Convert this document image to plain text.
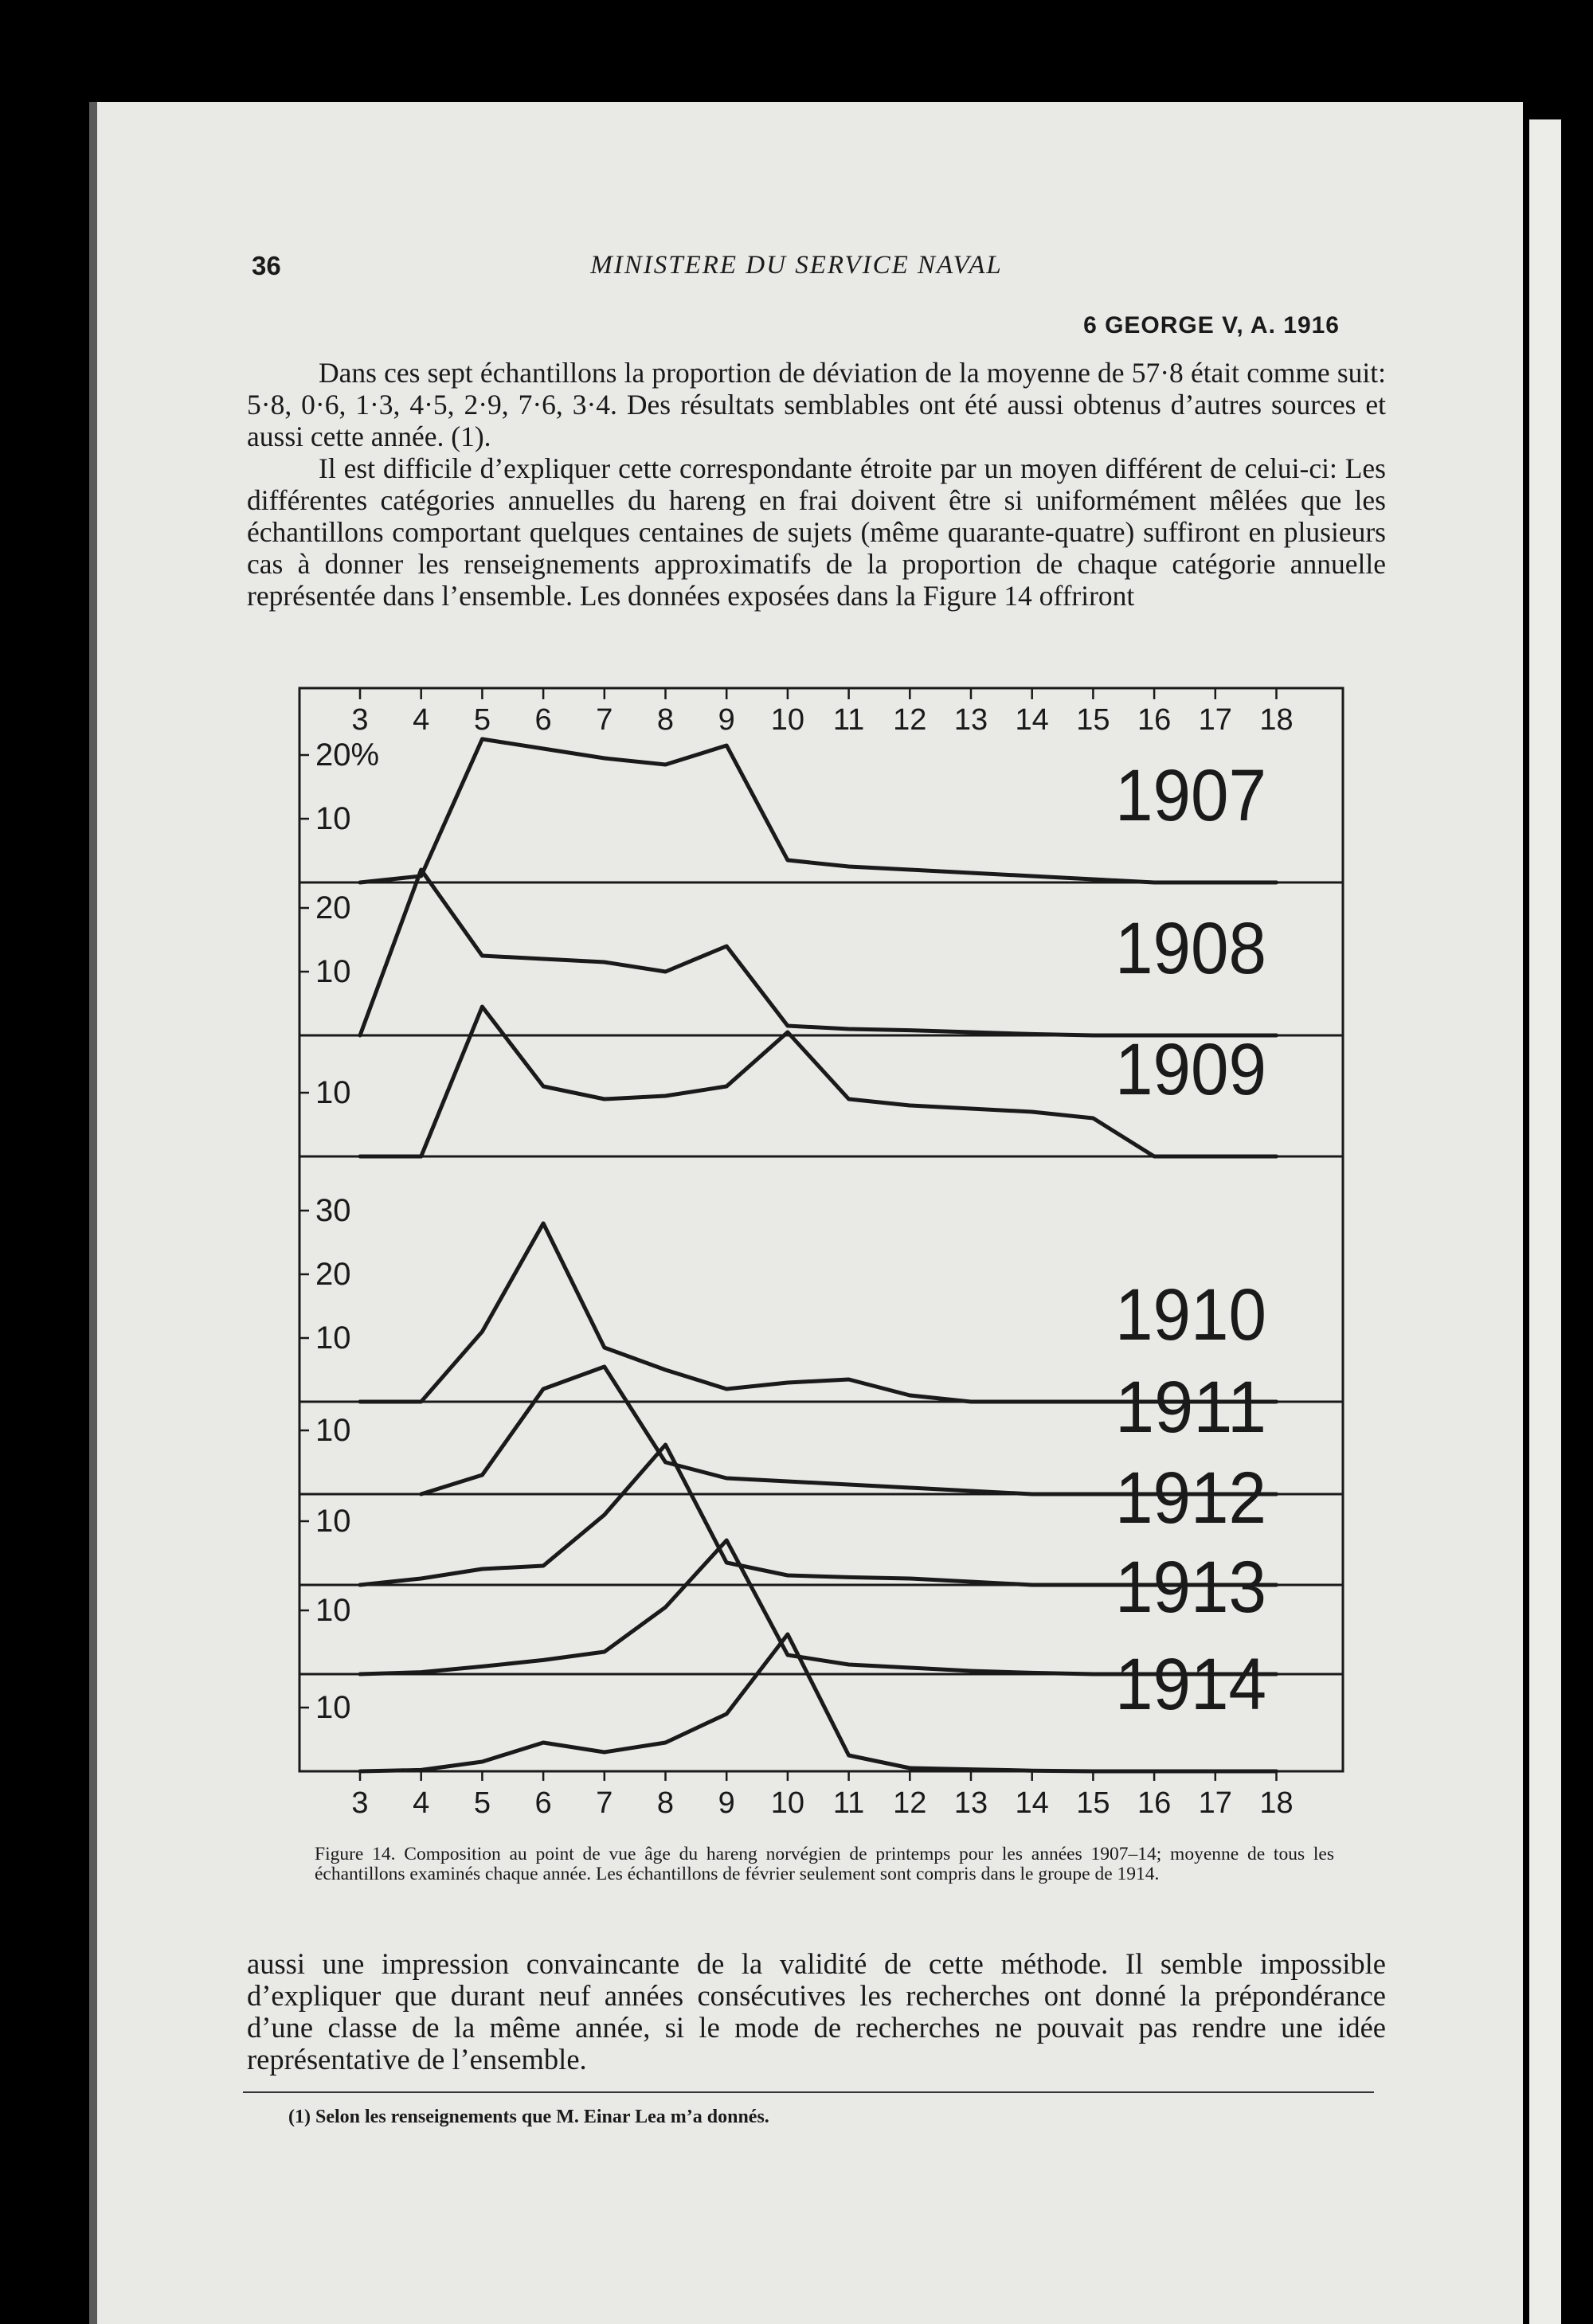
36	MINISTERE DU SERVICE NAVAL
6 GEORGE V, A. 1916

Dans ces sept échantillons la proportion de déviation de la moyenne de 57·8 était comme suit: 5·8, 0·6, 1·3, 4·5, 2·9, 7·6, 3·4. Des résultats semblables ont été aussi obtenus d’autres sources et aussi cette année. (1).

Il est difficile d’expliquer cette correspondante étroite par un moyen différent de celui-ci: Les différentes catégories annuelles du hareng en frai doivent être si uniformément mêlées que les échantillons comportant quelques centaines de sujets (même quarante-quatre) suffiront en plusieurs cas à donner les renseignements approximatifs de la proportion de chaque catégorie annuelle représentée dans l’ensemble. Les données exposées dans la Figure 14 offriront

3
3
4
4
5
5
6
6
7
7
8
8
9
9
10
10
11
11
12
12
13
13
14
14
15
15
16
16
17
17
18
18
20%
10	1907
20
10	1908
10	1909
30
20
10	1910
10	1911
10	1912
10	1913
10	1914
Figure 14. Composition au point de vue âge du hareng norvégien de printemps pour les années 1907–14; moyenne de tous les échantillons examinés chaque année. Les échantillons de février seulement sont compris dans le groupe de 1914.

aussi une impression convaincante de la validité de cette méthode. Il semble impossible d’expliquer que durant neuf années consécutives les recherches ont donné la prépondérance d’une classe de la même année, si le mode de recherches ne pouvait pas rendre une idée représentative de l’ensemble.

(1) Selon les renseignements que M. Einar Lea m’a donnés.
